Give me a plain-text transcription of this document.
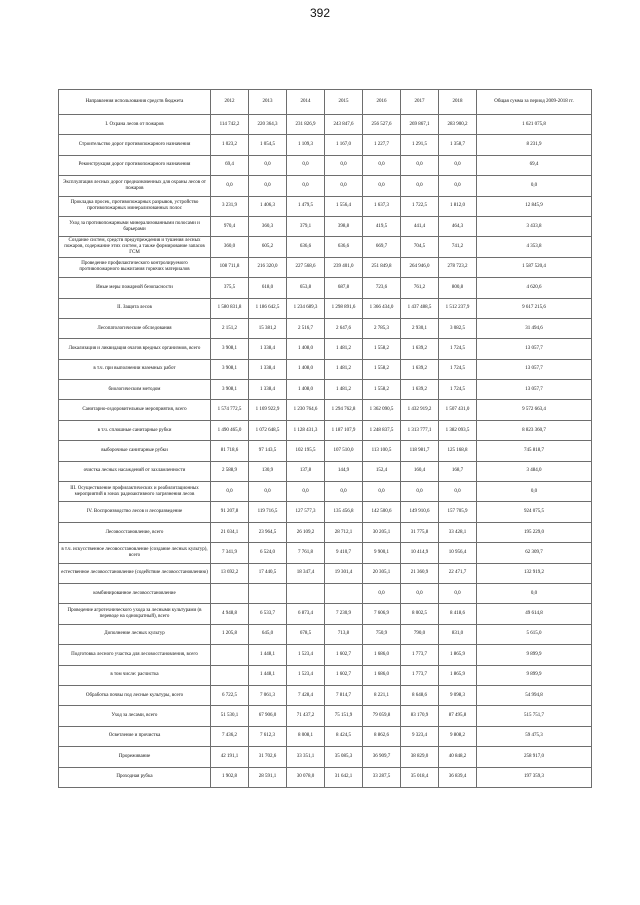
392
Направления использования средств бюджета	2012	2013	2014	2015	2016	2017	2018	Общая сумма за период 2009-2018 гг.
I. Охрана лесов от пожаров	114 742,2	220 364,3	231 826,9	243 847,6	256 527,6	269 867,1	283 900,2	1 621 075,8
Строительство дорог противопожарного назначения	1 023,2	1 054,5	1 109,3	1 167,0	1 227,7	1 291,5	1 358,7	8 231,9
Реконструкция дорог противопожарного назначения	69,4	0,0	0,0	0,0	0,0	0,0	0,0	69,4
Эксплуатация лесных дорог предназначенных для охраны лесов от пожаров	0,0	0,0	0,0	0,0	0,0	0,0	0,0	0,0
Прокладка просек, противопожарных разрывов, устройство противопожарных минерализованных полос	3 231,9	1 406,3	1 479,5	1 556,4	1 637,3	1 722,5	1 812,0	12 845,9
Уход за противопожарными минерализованными полосами и барьерами	970,4	360,3	379,1	398,8	419,5	441,4	464,3	3 433,8
Создание систем, средств предупреждения и тушения лесных пожаров, содержание этих систем, а также формирование запасов ГСМ	360,0	605,2	636,6	636,6	669,7	704,5	741,2	4 353,8
Проведение профилактического контролируемого противопожарного выжигания горючих материалов	108 711,8	216 320,0	227 568,6	239 401,0	251 849,8	264 946,0	278 723,2	1 587 520,4
Иные меры пожарной безопасности	375,5	618,0	653,8	687,8	723,6	761,2	800,8	4 620,6
II. Защита лесов	1 580 831,8	1 186 642,5	1 234 689,3	1 298 891,6	1 366 434,0	1 437 488,5	1 512 237,9	9 617 215,6
Лесопатологические обследования	2 151,2	15 381,2	2 516,7	2 647,6	2 785,3	2 930,1	3 082,5	31 494,6
Локализация и ликвидация очагов вредных организмов, всего	3 908,1	1 338,4	1 408,0	1 481,2	1 558,2	1 639,2	1 724,5	13 057,7
в т.ч. при выполнении наземных работ	3 908,1	1 338,4	1 408,0	1 481,2	1 558,2	1 639,2	1 724,5	13 057,7
биологическим методом	3 908,1	1 338,4	1 408,0	1 481,2	1 558,2	1 639,2	1 724,5	13 057,7
Санитарно-оздоровительные мероприятия, всего	1 574 772,5	1 169 922,9	1 230 764,6	1 294 762,8	1 362 090,5	1 432 919,2	1 507 431,0	9 572 663,4
в т.ч. сплошные санитарные рубки	1 490 465,0	1 072 648,5	1 128 431,3	1 187 107,9	1 248 837,5	1 313 777,1	1 382 093,5	8 823 360,7
выборочные санитарные рубки	81 718,6	97 143,5	102 195,5	107 510,0	113 100,5	118 981,7	125 168,8	745 818,7
очистка лесных насаждений от захламленности	2 588,9	130,9	137,8	144,9	152,4	160,4	168,7	3 484,0
III. Осуществление профилактических и реабилитационных мероприятий в зонах радиоактивного загрязнения лесов	0,0	0,0	0,0	0,0	0,0	0,0	0,0	0,0
IV. Воспроизводство лесов и лесоразведение	91 207,8	119 716,5	127 577,3	135 456,8	142 500,6	149 910,6	157 705,9	924 075,5
Лесовосстановление, всего	21 034,1	23 964,5	26 109,2	28 712,1	30 205,1	31 775,8	33 428,1	195 229,0
в т.ч. искусственное лесовосстановление (создание лесных культур), всего	7 341,9	6 524,0	7 761,8	9 410,7	9 900,1	10 414,9	10 956,4	62 309,7
естественное лесовосстановление (содействие лесовосстановлению)	13 692,2	17 440,5	18 347,4	19 301,4	20 305,1	21 360,9	22 471,7	132 919,2
комбинированное лесовосстановление					0,0	0,0	0,0	0,0
Проведение агротехнического ухода за лесными культурами (в переводе на однократный), всего	4 948,8	6 533,7	6 873,4	7 230,9	7 606,9	8 002,5	8 418,6	49 614,8
Дополнение лесных культур	1 205,8	645,0	678,5	713,8	750,9	790,0	831,0	5 615,0
Подготовка лесного участка для лесовосстановления, всего		1 448,1	1 523,4	1 602,7	1 686,0	1 773,7	1 865,9	9 899,9
в том числе: расчистка		1 448,1	1 523,4	1 602,7	1 686,0	1 773,7	1 865,9	9 899,9
Обработка почвы под лесные культуры, всего	6 722,5	7 061,3	7 428,4	7 814,7	8 221,1	8 648,6	9 098,3	54 994,8
Уход за лесами, всего	51 530,1	67 906,0	71 437,2	75 151,9	79 059,8	83 170,9	87 495,8	515 751,7
Осветление и прочистка	7 436,2	7 612,3	8 008,1	8 424,5	8 862,6	9 323,4	9 808,2	59 475,3
Прореживание	42 191,1	31 702,6	33 351,1	35 085,3	36 909,7	38 829,0	40 848,2	258 917,0
Проходная рубка	1 902,8	28 591,1	30 078,0	31 642,1	33 287,5	35 018,4	36 839,4	197 359,3
